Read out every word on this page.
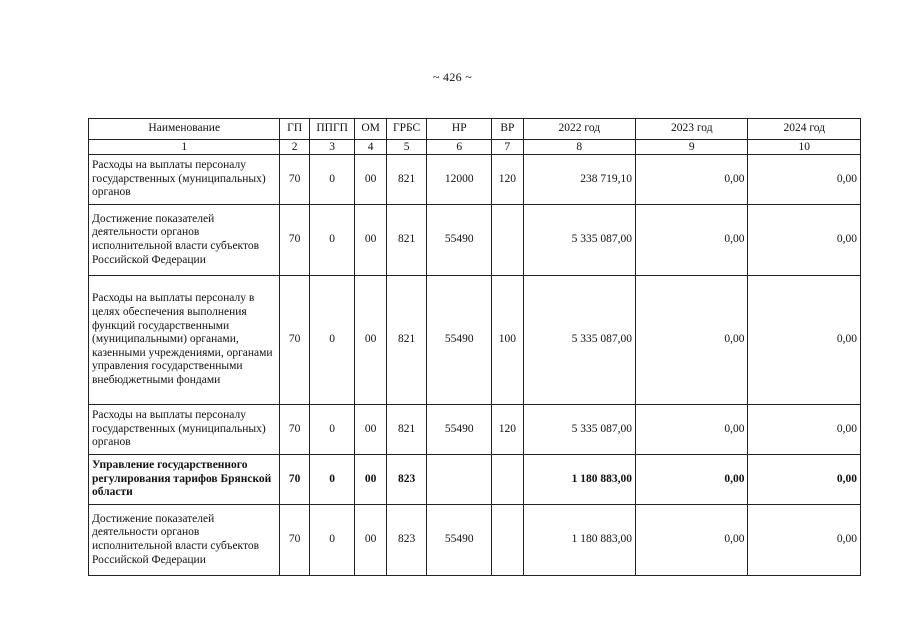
~ 426 ~
Наименование	ГП	ППГП	ОМ	ГРБС	НР	ВР	2022 год	2023 год	2024 год
1	2	3	4	5	6	7	8	9	10
Расходы на выплаты персоналу государственных (муниципальных) органов	70	0	00	821	12000	120	238 719,10	0,00	0,00
Достижение показателей деятельности органов исполнительной власти субъектов Российской Федерации	70	0	00	821	55490		5 335 087,00	0,00	0,00
Расходы на выплаты персоналу в целях обеспечения выполнения функций государственными (муниципальными) органами, казенными учреждениями, органами управления государственными внебюджетными фондами	70	0	00	821	55490	100	5 335 087,00	0,00	0,00
Расходы на выплаты персоналу государственных (муниципальных) органов	70	0	00	821	55490	120	5 335 087,00	0,00	0,00
Управление государственного регулирования тарифов Брянской области	70	0	00	823			1 180 883,00	0,00	0,00
Достижение показателей деятельности органов исполнительной власти субъектов Российской Федерации	70	0	00	823	55490		1 180 883,00	0,00	0,00
